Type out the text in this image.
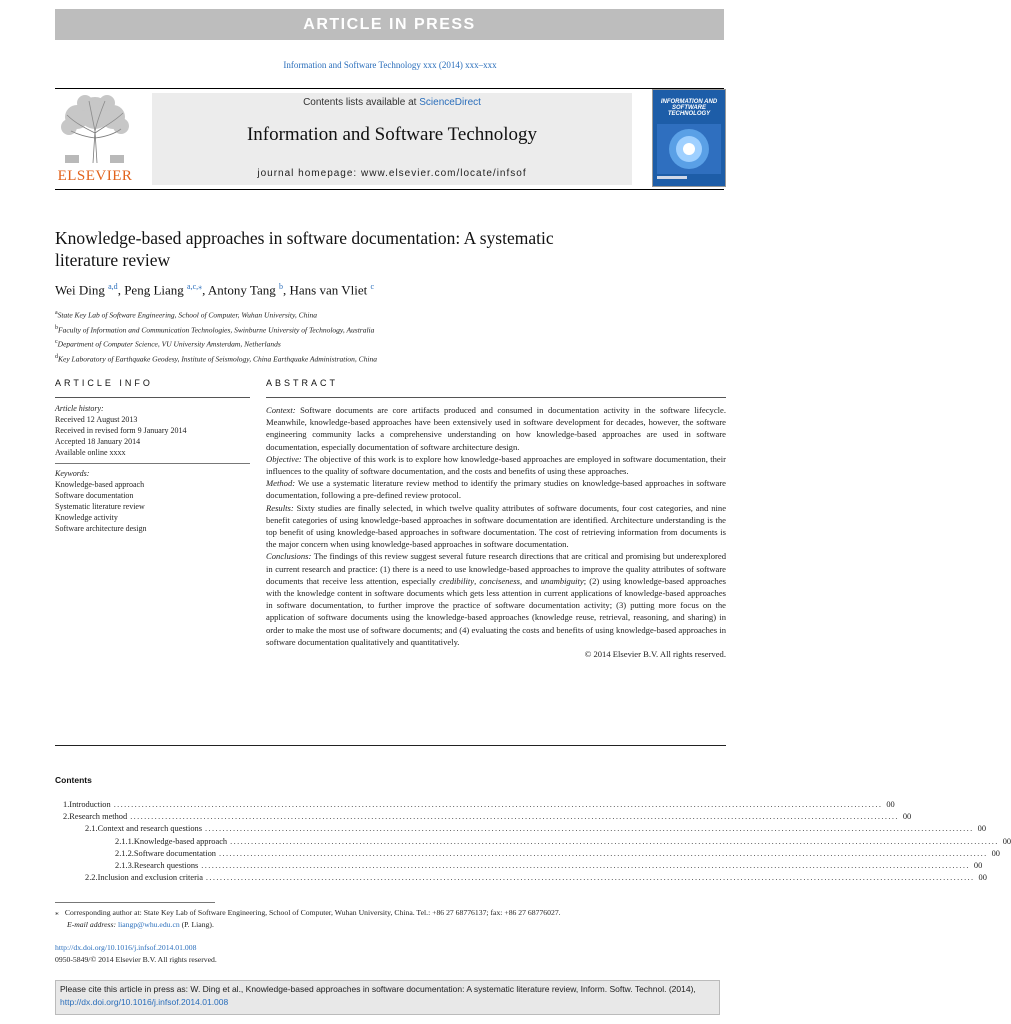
ARTICLE IN PRESS
Information and Software Technology xxx (2014) xxx–xxx
ELSEVIER
Contents lists available at ScienceDirect
Information and Software Technology
journal homepage: www.elsevier.com/locate/infsof
INFORMATION AND SOFTWARE TECHNOLOGY
Knowledge-based approaches in software documentation: A systematic
literature review
Wei Ding $^{a,d}$, Peng Liang $^{a,c,⁎}$, Antony Tang $^b$, Hans van Vliet $^c$
$^a$State Key Lab of Software Engineering, School of Computer, Wuhan University, China
$^b$Faculty of Information and Communication Technologies, Swinburne University of Technology, Australia
$^c$Department of Computer Science, VU University Amsterdam, Netherlands
$^d$Key Laboratory of Earthquake Geodesy, Institute of Seismology, China Earthquake Administration, China
ARTICLE INFO	ABSTRACT
Article history:
Received 12 August 2013
Received in revised form 9 January 2014
Accepted 18 January 2014
Available online xxxx
Keywords:
Knowledge-based approach
Software documentation
Systematic literature review
Knowledge activity
Software architecture design

Context: Software documents are core artifacts produced and consumed in documentation activity in the software lifecycle. Meanwhile, knowledge-based approaches have been extensively used in software development for decades, however, the software engineering community lacks a comprehensive understanding on how knowledge-based approaches are used in software documentation, especially documentation of software architecture design.

Objective: The objective of this work is to explore how knowledge-based approaches are employed in software documentation, their influences to the quality of software documentation, and the costs and benefits of using these approaches.

Method: We use a systematic literature review method to identify the primary studies on knowledge-based approaches in software documentation, following a pre-defined review protocol.

Results: Sixty studies are finally selected, in which twelve quality attributes of software documents, four cost categories, and nine benefit categories of using knowledge-based approaches in software documentation are identified. Architecture understanding is the top benefit of using knowledge-based approaches in software documentation. The cost of retrieving information from documents is the major concern when using knowledge-based approaches in software documentation.

Conclusions: The findings of this review suggest several future research directions that are critical and promising but underexplored in current research and practice: (1) there is a need to use knowledge-based approaches to improve the quality attributes of software documents that receive less attention, especially credibility, conciseness, and unambiguity; (2) using knowledge-based approaches with the knowledge content in software documents which gets less attention in current applications of knowledge-based approaches in software documentation, to further improve the practice of software documentation activity; (3) putting more focus on the application of software documents using the knowledge-based approaches (knowledge reuse, retrieval, reasoning, and sharing) in order to make the most use of software documents; and (4) evaluating the costs and benefits of using knowledge-based approaches in software documentation qualitatively and quantitatively.

© 2014 Elsevier B.V. All rights reserved.

Contents
1. Introduction ............................................................................................................................................................................................................................ 00
2. Research method ............................................................................................................................................................................................................................ 00
2.1. Context and research questions ............................................................................................................................................................................................................................ 00
2.1.1. Knowledge-based approach ............................................................................................................................................................................................................................ 00
2.1.2. Software documentation ............................................................................................................................................................................................................................ 00
2.1.3. Research questions ............................................................................................................................................................................................................................ 00
2.2. Inclusion and exclusion criteria ............................................................................................................................................................................................................................ 00
⁎ Corresponding author at: State Key Lab of Software Engineering, School of Computer, Wuhan University, China. Tel.: +86 27 68776137; fax: +86 27 68776027.
E-mail address: liangp@whu.edu.cn (P. Liang).
http://dx.doi.org/10.1016/j.infsof.2014.01.008
0950-5849/© 2014 Elsevier B.V. All rights reserved.
Please cite this article in press as: W. Ding et al., Knowledge-based approaches in software documentation: A systematic literature review, Inform. Softw. Technol. (2014), http://dx.doi.org/10.1016/j.infsof.2014.01.008
